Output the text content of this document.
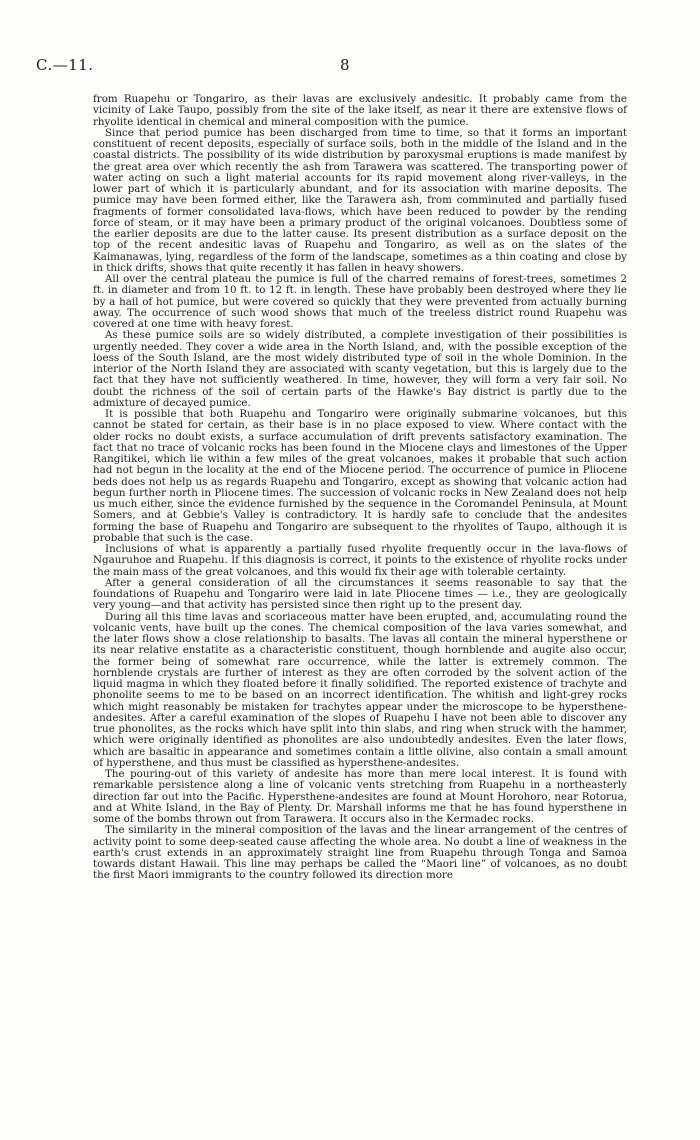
C.—11.	8

from Ruapehu or Tongariro, as their lavas are exclusively andesitic. It probably came from the vicinity of Lake Taupo, possibly from the site of the lake itself, as near it there are extensive flows of rhyolite identical in chemical and mineral composition with the pumice.

Since that period pumice has been discharged from time to time, so that it forms an important constituent of recent deposits, especially of surface soils, both in the middle of the Island and in the coastal districts. The possibility of its wide distribution by paroxysmal eruptions is made manifest by the great area over which recently the ash from Tarawera was scattered. The transporting power of water acting on such a light material accounts for its rapid movement along river-valleys, in the lower part of which it is particularly abundant, and for its association with marine deposits. The pumice may have been formed either, like the Tarawera ash, from comminuted and partially fused fragments of former consolidated lava-flows, which have been reduced to powder by the rending force of steam, or it may have been a primary product of the original volcanoes. Doubtless some of the earlier deposits are due to the latter cause. Its present distribution as a surface deposit on the top of the recent andesitic lavas of Ruapehu and Tongariro, as well as on the slates of the Kaimanawas, lying, regardless of the form of the landscape, sometimes as a thin coating and close by in thick drifts, shows that quite recently it has fallen in heavy showers.

All over the central plateau the pumice is full of the charred remains of forest-trees, sometimes 2 ft. in diameter and from 10 ft. to 12 ft. in length. These have probably been destroyed where they lie by a hail of hot pumice, but were covered so quickly that they were prevented from actually burning away. The occurrence of such wood shows that much of the treeless district round Ruapehu was covered at one time with heavy forest.

As these pumice soils are so widely distributed, a complete investigation of their possibilities is urgently needed. They cover a wide area in the North Island, and, with the possible exception of the loess of the South Island, are the most widely distributed type of soil in the whole Dominion. In the interior of the North Island they are associated with scanty vegetation, but this is largely due to the fact that they have not sufficiently weathered. In time, however, they will form a very fair soil. No doubt the richness of the soil of certain parts of the Hawke's Bay district is partly due to the admixture of decayed pumice.

It is possible that both Ruapehu and Tongariro were originally submarine volcanoes, but this cannot be stated for certain, as their base is in no place exposed to view. Where contact with the older rocks no doubt exists, a surface accumulation of drift prevents satisfactory examination. The fact that no trace of volcanic rocks has been found in the Miocene clays and limestones of the Upper Rangitikei, which lie within a few miles of the great volcanoes, makes it probable that such action had not begun in the locality at the end of the Miocene period. The occurrence of pumice in Pliocene beds does not help us as regards Ruapehu and Tongariro, except as showing that volcanic action had begun further north in Pliocene times. The succession of volcanic rocks in New Zealand does not help us much either, since the evidence furnished by the sequence in the Coromandel Peninsula, at Mount Somers, and at Gebbie's Valley is contradictory. It is hardly safe to conclude that the andesites forming the base of Ruapehu and Tongariro are subsequent to the rhyolites of Taupo, although it is probable that such is the case.

Inclusions of what is apparently a partially fused rhyolite frequently occur in the lava-flows of Ngauruhoe and Ruapehu. If this diagnosis is correct, it points to the existence of rhyolite rocks under the main mass of the great volcanoes, and this would fix their age with tolerable certainty.

After a general consideration of all the circumstances it seems reasonable to say that the foundations of Ruapehu and Tongariro were laid in late Pliocene times — i.e., they are geologically very young—and that activity has persisted since then right up to the present day.

During all this time lavas and scoriaceous matter have been erupted, and, accumulating round the volcanic vents, have built up the cones. The chemical composition of the lava varies somewhat, and the later flows show a close relationship to basalts. The lavas all contain the mineral hypersthene or its near relative enstatite as a characteristic constituent, though hornblende and augite also occur, the former being of somewhat rare occurrence, while the latter is extremely common. The hornblende crystals are further of interest as they are often corroded by the solvent action of the liquid magma in which they floated before it finally solidified. The reported existence of trachyte and phonolite seems to me to be based on an incorrect identification. The whitish and light-grey rocks which might reasonably be mistaken for trachytes appear under the microscope to be hypersthene-andesites. After a careful examination of the slopes of Ruapehu I have not been able to discover any true phonolites, as the rocks which have split into thin slabs, and ring when struck with the hammer, which were originally identified as phonolites are also undoubtedly andesites. Even the later flows, which are basaltic in appearance and sometimes contain a little olivine, also contain a small amount of hypersthene, and thus must be classified as hypersthene-andesites.

The pouring-out of this variety of andesite has more than mere local interest. It is found with remarkable persistence along a line of volcanic vents stretching from Ruapehu in a northeasterly direction far out into the Pacific. Hypersthene-andesites are found at Mount Horohoro, near Rotorua, and at White Island, in the Bay of Plenty. Dr. Marshall informs me that he has found hypersthene in some of the bombs thrown out from Tarawera. It occurs also in the Kermadec rocks.

The similarity in the mineral composition of the lavas and the linear arrangement of the centres of activity point to some deep-seated cause affecting the whole area. No doubt a line of weakness in the earth's crust extends in an approximately straight line from Ruapehu through Tonga and Samoa towards distant Hawaii. This line may perhaps be called the “Maori line” of volcanoes, as no doubt the first Maori immigrants to the country followed its direction more
